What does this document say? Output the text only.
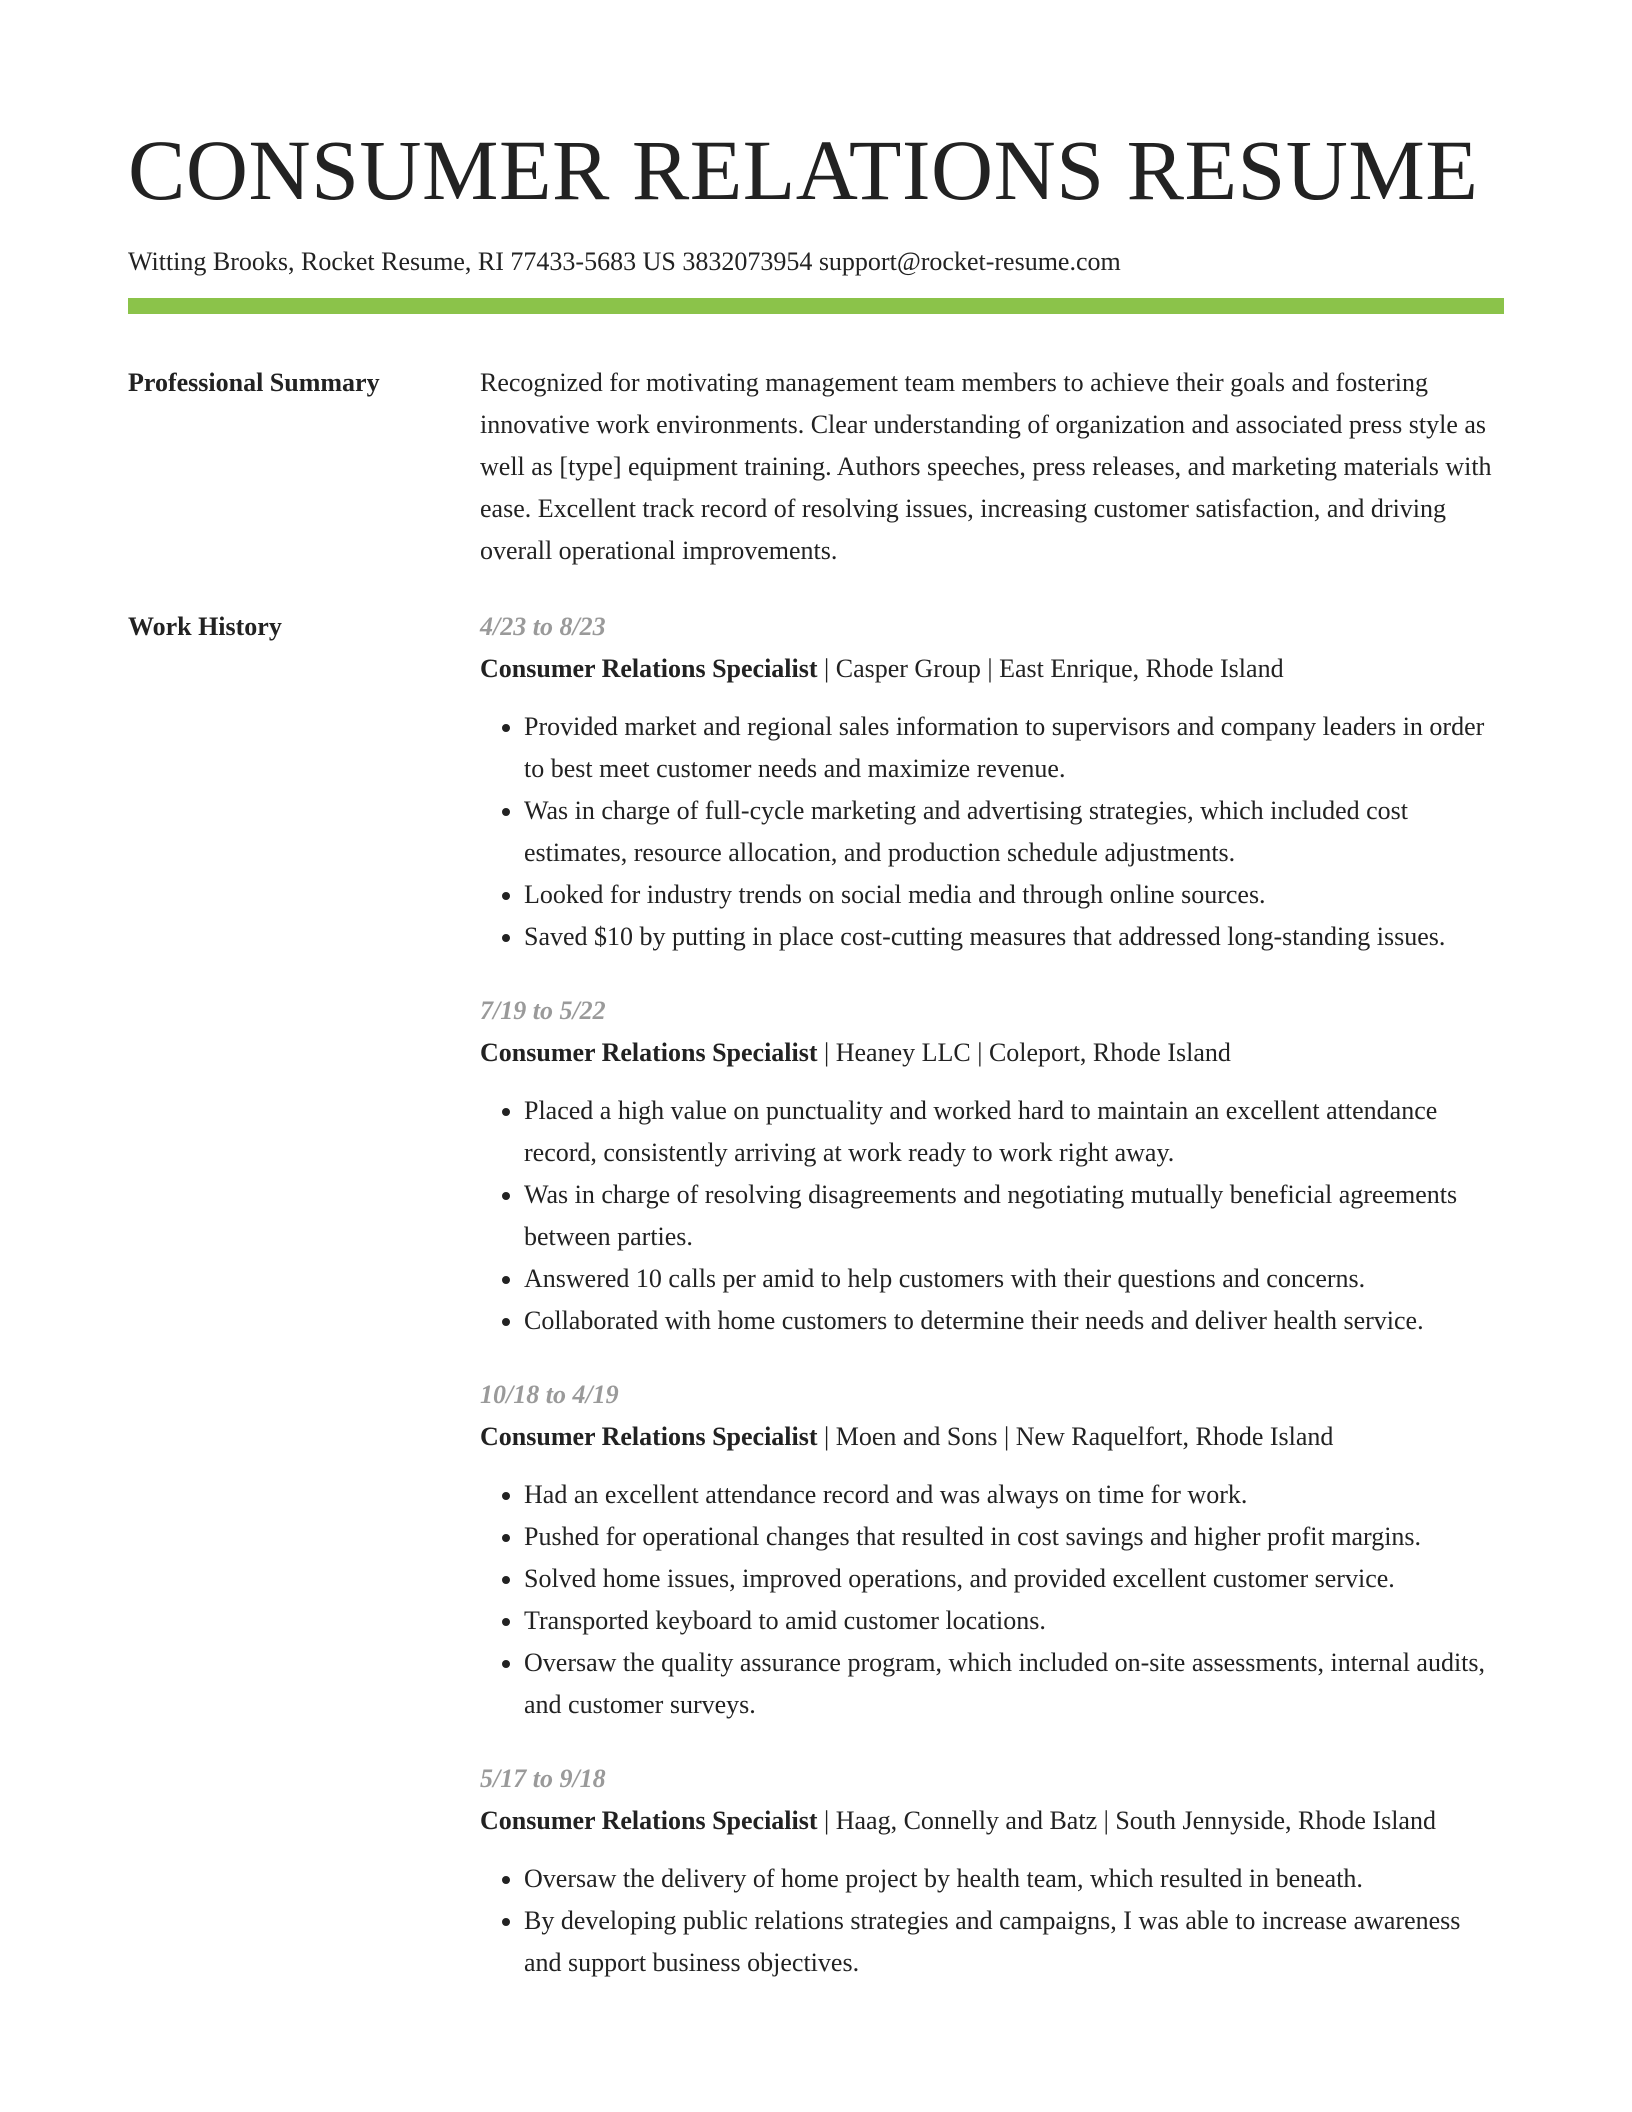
CONSUMER RELATIONS RESUME
Witting Brooks, Rocket Resume, RI 77433-5683 US 3832073954 support@rocket-resume.com
Professional Summary	Recognized for motivating management team members to achieve their goals and fostering innovative work environments. Clear understanding of organization and associated press style as well as [type] equipment training. Authors speeches, press releases, and marketing materials with ease. Excellent track record of resolving issues, increasing customer satisfaction, and driving overall operational improvements.

Work History	4/23 to 8/23

Consumer Relations Specialist | Casper Group | East Enrique, Rhode Island

• Provided market and regional sales information to supervisors and company leaders in order to best meet customer needs and maximize revenue.
• Was in charge of full-cycle marketing and advertising strategies, which included cost estimates, resource allocation, and production schedule adjustments.
• Looked for industry trends on social media and through online sources.
• Saved $10 by putting in place cost-cutting measures that addressed long-standing issues.
7/19 to 5/22

Consumer Relations Specialist | Heaney LLC | Coleport, Rhode Island

• Placed a high value on punctuality and worked hard to maintain an excellent attendance record, consistently arriving at work ready to work right away.
• Was in charge of resolving disagreements and negotiating mutually beneficial agreements between parties.
• Answered 10 calls per amid to help customers with their questions and concerns.
• Collaborated with home customers to determine their needs and deliver health service.
10/18 to 4/19

Consumer Relations Specialist | Moen and Sons | New Raquelfort, Rhode Island

• Had an excellent attendance record and was always on time for work.
• Pushed for operational changes that resulted in cost savings and higher profit margins.
• Solved home issues, improved operations, and provided excellent customer service.
• Transported keyboard to amid customer locations.
• Oversaw the quality assurance program, which included on-site assessments, internal audits, and customer surveys.
5/17 to 9/18

Consumer Relations Specialist | Haag, Connelly and Batz | South Jennyside, Rhode Island

• Oversaw the delivery of home project by health team, which resulted in beneath.
• By developing public relations strategies and campaigns, I was able to increase awareness and support business objectives.
